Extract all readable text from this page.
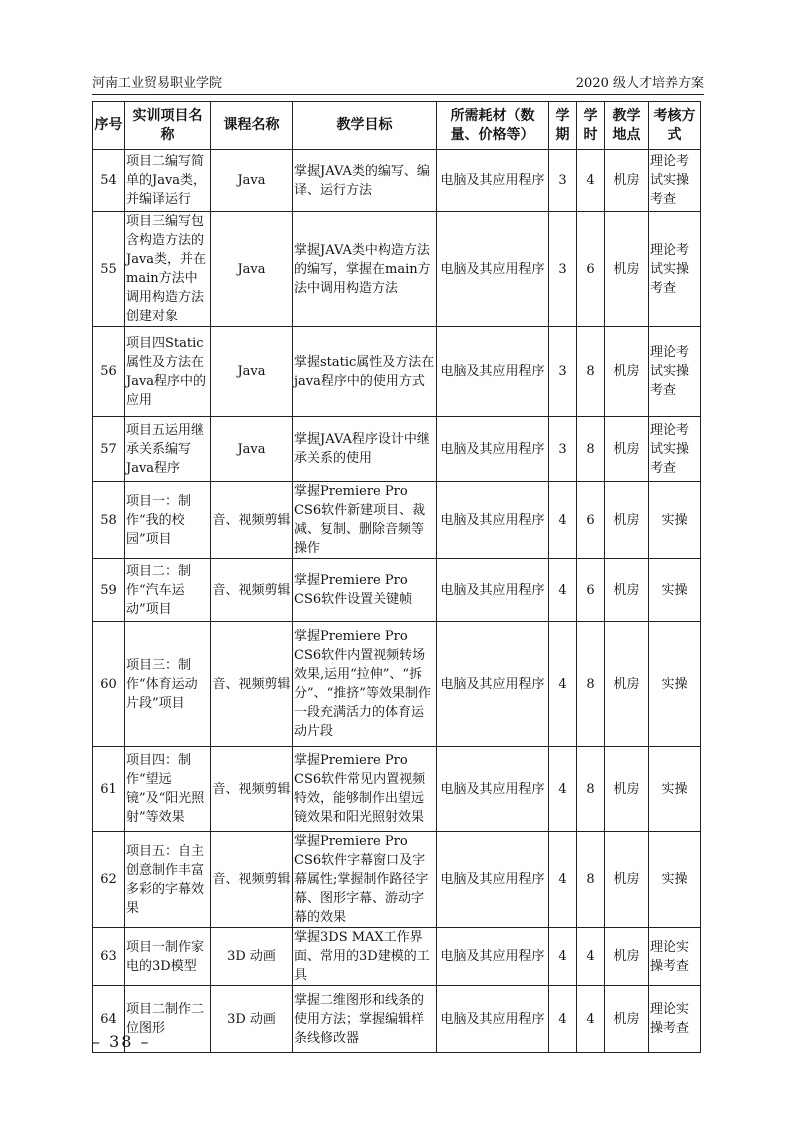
河南工业贸易职业学院	2020 级人才培养方案
序号	实训项目名称	课程名称	教学目标	所需耗材（数量、价格等）	学期	学时	教学地点	考核方式
54	项目二编写简单的Java类，并编译运行	Java	掌握JAVA类的编写、编译、运行方法	电脑及其应用程序	3	4	机房	理论考试实操考查
55	项目三编写包含构造方法的Java类，并在main方法中调用构造方法创建对象	Java	掌握JAVA类中构造方法的编写，掌握在main方法中调用构造方法	电脑及其应用程序	3	6	机房	理论考试实操考查
56	项目四Static属性及方法在Java程序中的应用	Java	掌握static属性及方法在java程序中的使用方式	电脑及其应用程序	3	8	机房	理论考试实操考查
57	项目五运用继承关系编写Java程序	Java	掌握JAVA程序设计中继承关系的使用	电脑及其应用程序	3	8	机房	理论考试实操考查
58	项目一：制作“我的校园”项目	音、视频剪辑	掌握Premiere Pro CS6软件新建项目、裁减、复制、删除音频等操作	电脑及其应用程序	4	6	机房	实操
59	项目二：制作“汽车运动”项目	音、视频剪辑	掌握Premiere Pro CS6软件设置关键帧	电脑及其应用程序	4	6	机房	实操
60	项目三：制作“体育运动片段”项目	音、视频剪辑	掌握Premiere Pro CS6软件内置视频转场效果,运用“拉伸”、“拆分”、“推挤”等效果制作一段充满活力的体育运动片段	电脑及其应用程序	4	8	机房	实操
61	项目四：制作“望远镜”及“阳光照射”等效果	音、视频剪辑	掌握Premiere Pro CS6软件常见内置视频特效，能够制作出望远镜效果和阳光照射效果	电脑及其应用程序	4	8	机房	实操
62	项目五：自主创意制作丰富多彩的字幕效果	音、视频剪辑	掌握Premiere Pro CS6软件字幕窗口及字幕属性;掌握制作路径字幕、图形字幕、游动字幕的效果	电脑及其应用程序	4	8	机房	实操
63	项目一制作家电的3D模型	3D 动画	掌握3DS MAX工作界面、常用的3D建模的工具	电脑及其应用程序	4	4	机房	理论实操考查
64	项目二制作二位图形	3D 动画	掌握二维图形和线条的使用方法；掌握编辑样条线修改器	电脑及其应用程序	4	4	机房	理论实操考查
– 38 –
